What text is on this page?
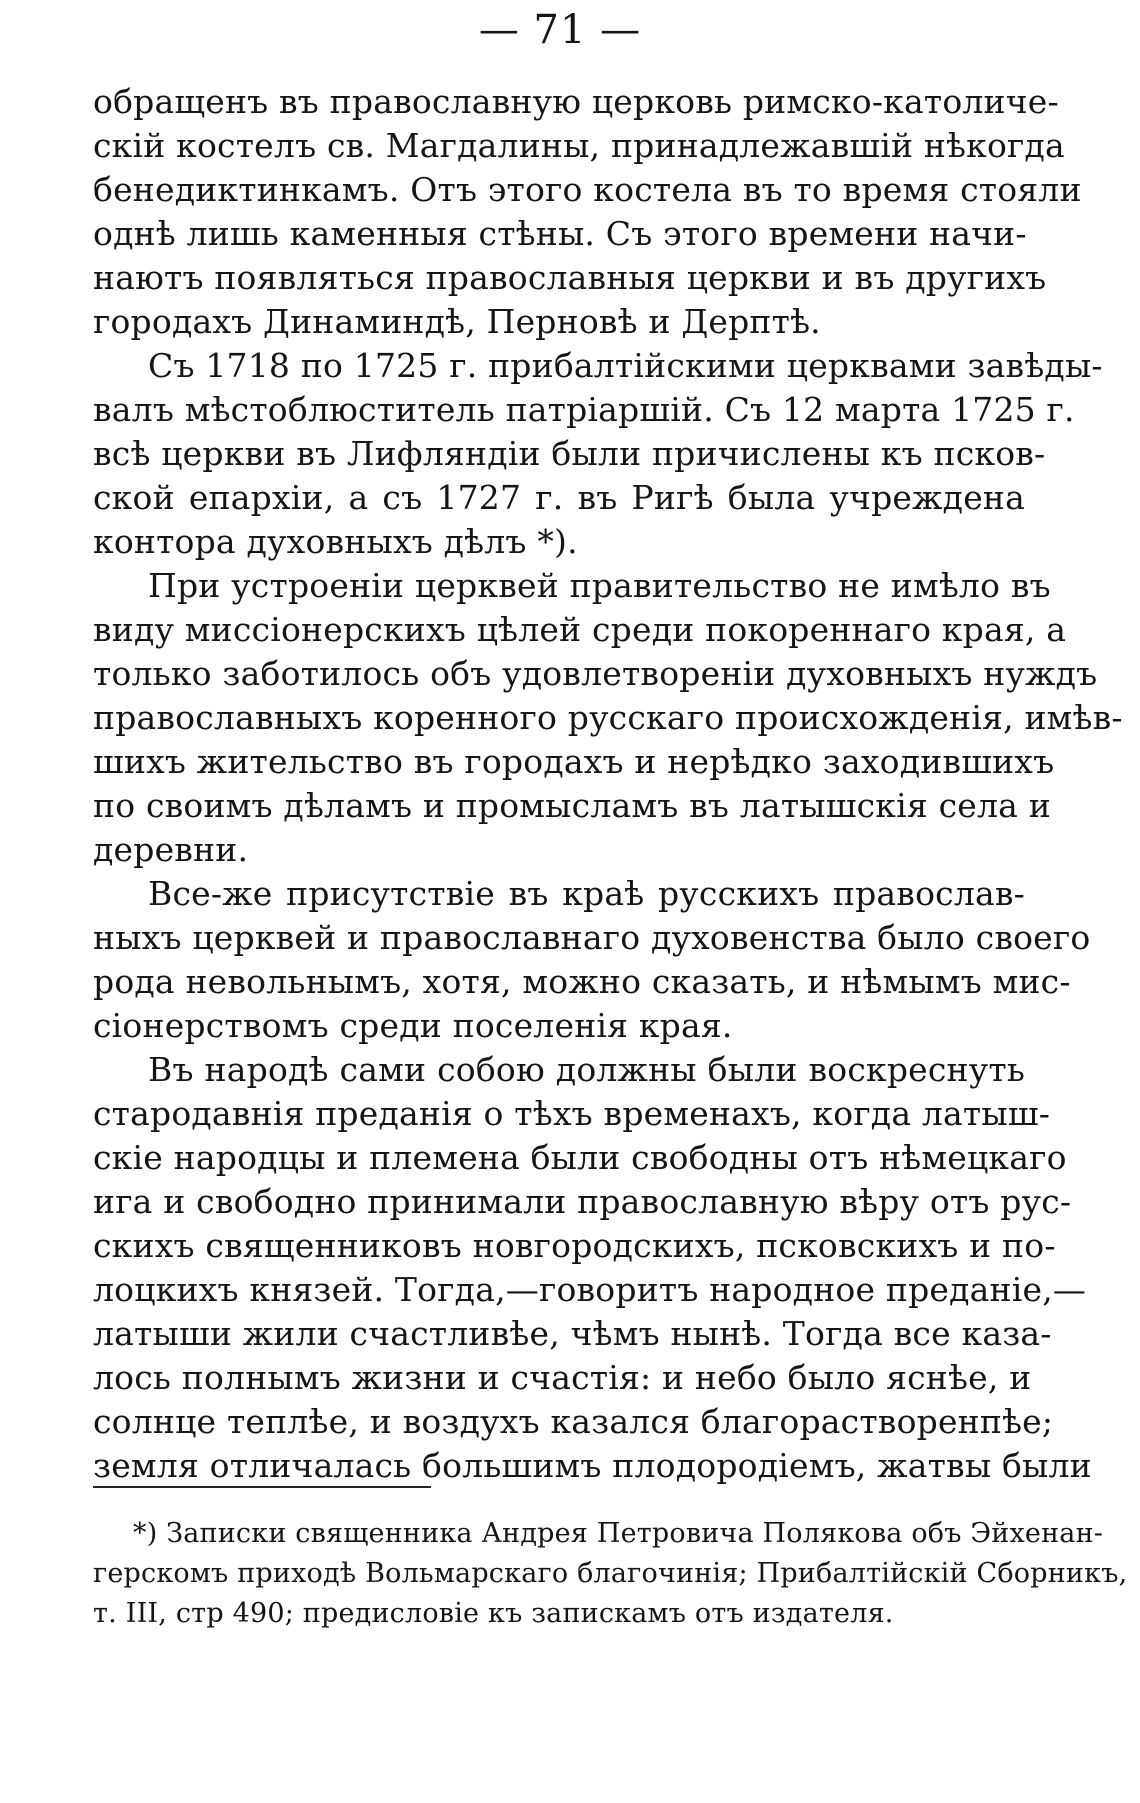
— 71 —
обращенъ въ православную церковь римско-католиче-
скій костелъ св. Магдалины, принадлежавшій нѣкогда
бенедиктинкамъ. Отъ этого костела въ то время стояли
однѣ лишь каменныя стѣны. Съ этого времени начи-
наютъ появляться православныя церкви и въ другихъ
городахъ Динаминдѣ, Перновѣ и Дерптѣ.
Съ 1718 по 1725 г. прибалтійскими церквами завѣды-
валъ мѣстоблюститель патріаршій. Съ 12 марта 1725 г.
всѣ церкви въ Лифляндіи были причислены къ псков-
ской епархіи, а съ 1727 г. въ Ригѣ была учреждена
контора духовныхъ дѣлъ *).
При устроеніи церквей правительство не имѣло въ
виду миссіонерскихъ цѣлей среди покореннаго края, а
только заботилось объ удовлетвореніи духовныхъ нуждъ
православныхъ коренного русскаго происхожденія, имѣв-
шихъ жительство въ городахъ и нерѣдко заходившихъ
по своимъ дѣламъ и промысламъ въ латышскія села и
деревни.
Все-же присутствіе въ краѣ русскихъ православ-
ныхъ церквей и православнаго духовенства было своего
рода невольнымъ, хотя, можно сказать, и нѣмымъ мис-
сіонерствомъ среди поселенія края.
Въ народѣ сами собою должны были воскреснуть
стародавнія преданія о тѣхъ временахъ, когда латыш-
скіе народцы и племена были свободны отъ нѣмецкаго
ига и свободно принимали православную вѣру отъ рус-
скихъ священниковъ новгородскихъ, псковскихъ и по-
лоцкихъ князей. Тогда,—говоритъ народное преданіе,—
латыши жили счастливѣе, чѣмъ нынѣ. Тогда все каза-
лось полнымъ жизни и счастія: и небо было яснѣе, и
солнце теплѣе, и воздухъ казался благорастворенпѣе;
земля отличалась большимъ плодородіемъ, жатвы были
*) Записки священника Андрея Петровича Полякова объ Эйхенан-
герскомъ приходѣ Вольмарскаго благочинія; Прибалтійскій Сборникъ,
т. III, стр 490; предисловіе къ запискамъ отъ издателя.
